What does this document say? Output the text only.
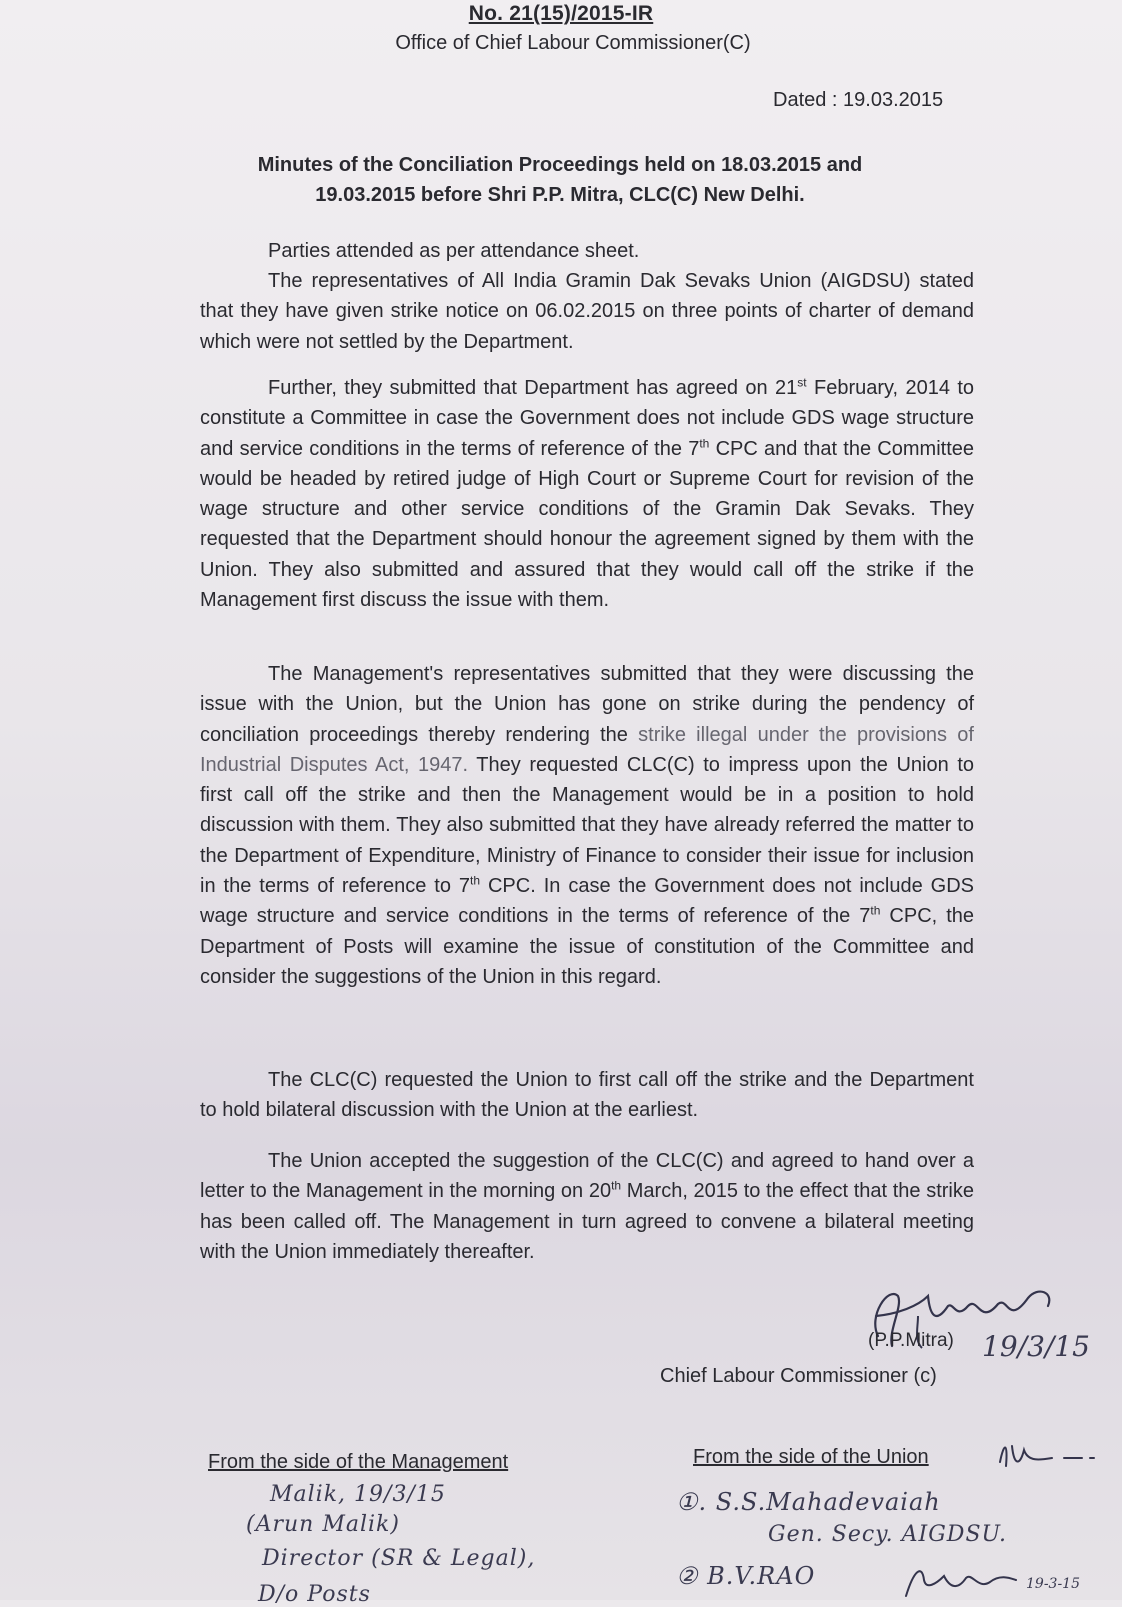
No. 21(15)/2015-IR
Office of Chief Labour Commissioner(C)
Dated : 19.03.2015
Minutes of the Conciliation Proceedings held on 18.03.2015 and
19.03.2015 before Shri P.P. Mitra, CLC(C) New Delhi.
Parties attended as per attendance sheet.

The representatives of All India Gramin Dak Sevaks Union (AIGDSU) stated that they have given strike notice on 06.02.2015 on three points of charter of demand which were not settled by the Department.

Further, they submitted that Department has agreed on 21st February, 2014 to constitute a Committee in case the Government does not include GDS wage structure and service conditions in the terms of reference of the 7th CPC and that the Committee would be headed by retired judge of High Court or Supreme Court for revision of the wage structure and other service conditions of the Gramin Dak Sevaks. They requested that the Department should honour the agreement signed by them with the Union. They also submitted and assured that they would call off the strike if the Management first discuss the issue with them.

The Management's representatives submitted that they were discussing the issue with the Union, but the Union has gone on strike during the pendency of conciliation proceedings thereby rendering the strike illegal under the provisions of Industrial Disputes Act, 1947. They requested CLC(C) to impress upon the Union to first call off the strike and then the Management would be in a position to hold discussion with them. They also submitted that they have already referred the matter to the Department of Expenditure, Ministry of Finance to consider their issue for inclusion in the terms of reference to 7th CPC. In case the Government does not include GDS wage structure and service conditions in the terms of reference of the 7th CPC, the Department of Posts will examine the issue of constitution of the Committee and consider the suggestions of the Union in this regard.

The CLC(C) requested the Union to first call off the strike and the Department to hold bilateral discussion with the Union at the earliest.

The Union accepted the suggestion of the CLC(C) and agreed to hand over a letter to the Management in the morning on 20th March, 2015 to the effect that the strike has been called off. The Management in turn agreed to convene a bilateral meeting with the Union immediately thereafter.

(P.P.Mitra) 19/3/15
Chief Labour Commissioner (c)
From the side of the Management	From the side of the Union
Malik, 19/3/15
(Arun Malik)
Director (SR & Legal),
D/o Posts
①. S.S.Mahadevaiah
Gen. Secy. AIGDSU.
② B.V.RAO	19-3-15
